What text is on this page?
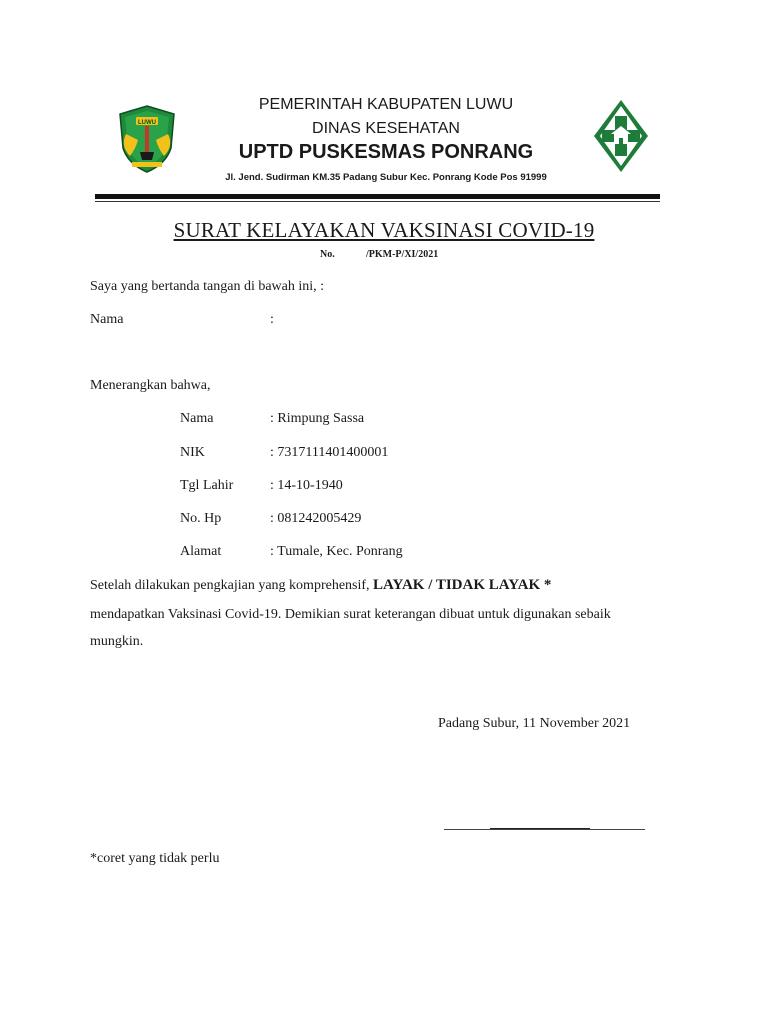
LUWU
PEMERINTAH KABUPATEN LUWU
DINAS KESEHATAN
UPTD PUSKESMAS PONRANG
Jl. Jend. Sudirman KM.35 Padang Subur Kec. Ponrang Kode Pos 91999
SURAT KELAYAKAN VAKSINASI COVID-19
No.	/PKM-P/XI/2021
Saya yang bertanda tangan di bawah ini, :
Nama	:
Menerangkan bahwa,
Nama	: Rimpung Sassa
NIK	: 7317111401400001
Tgl Lahir	: 14-10-1940
No. Hp	: 081242005429
Alamat	: Tumale, Kec. Ponrang
Setelah dilakukan pengkajian yang komprehensif, LAYAK / TIDAK LAYAK *
mendapatkan Vaksinasi Covid-19. Demikian surat keterangan dibuat untuk digunakan sebaik
mungkin.
Padang Subur, 11 November 2021
*coret yang tidak perlu
